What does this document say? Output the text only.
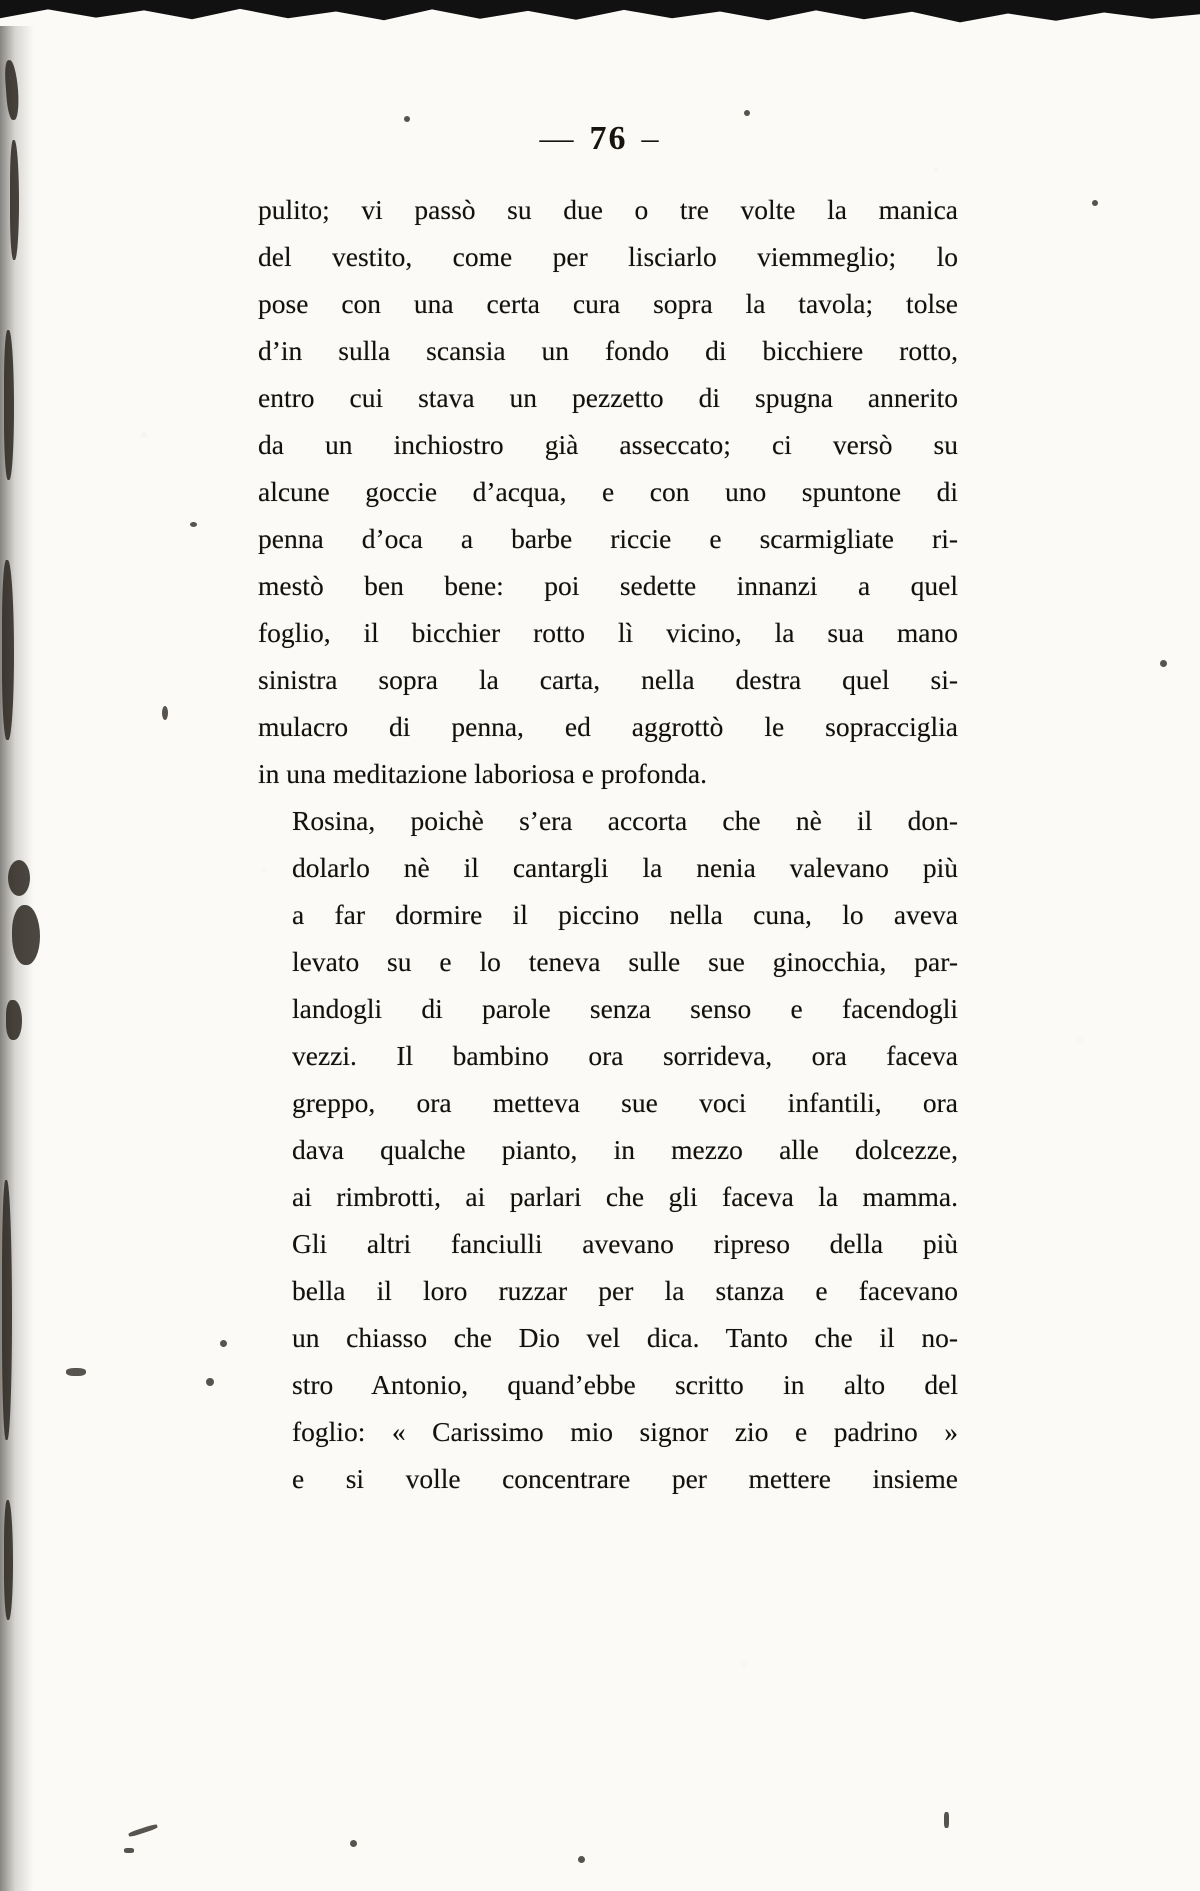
— 76 –

pulito; vi passò su due o tre volte la manica
del vestito, come per lisciarlo viemmeglio; lo
pose con una certa cura sopra la tavola; tolse
d’in sulla scansia un fondo di bicchiere rotto,
entro cui stava un pezzetto di spugna annerito
da un inchiostro già asseccato; ci versò su
alcune goccie d’acqua, e con uno spuntone di
penna d’oca a barbe riccie e scarmigliate ri-
mestò ben bene: poi sedette innanzi a quel
foglio, il bicchier rotto lì vicino, la sua mano
sinistra sopra la carta, nella destra quel si-
mulacro di penna, ed aggrottò le sopracciglia
in una meditazione laboriosa e profonda.

Rosina, poichè s’era accorta che nè il don-
dolarlo nè il cantargli la nenia valevano più
a far dormire il piccino nella cuna, lo aveva
levato su e lo teneva sulle sue ginocchia, par-
landogli di parole senza senso e facendogli
vezzi. Il bambino ora sorrideva, ora faceva
greppo, ora metteva sue voci infantili, ora
dava qualche pianto, in mezzo alle dolcezze,
ai rimbrotti, ai parlari che gli faceva la mamma.

Gli altri fanciulli avevano ripreso della più
bella il loro ruzzar per la stanza e facevano
un chiasso che Dio vel dica. Tanto che il no-
stro Antonio, quand’ebbe scritto in alto del
foglio: « Carissimo mio signor zio e padrino »
e si volle concentrare per mettere insieme
